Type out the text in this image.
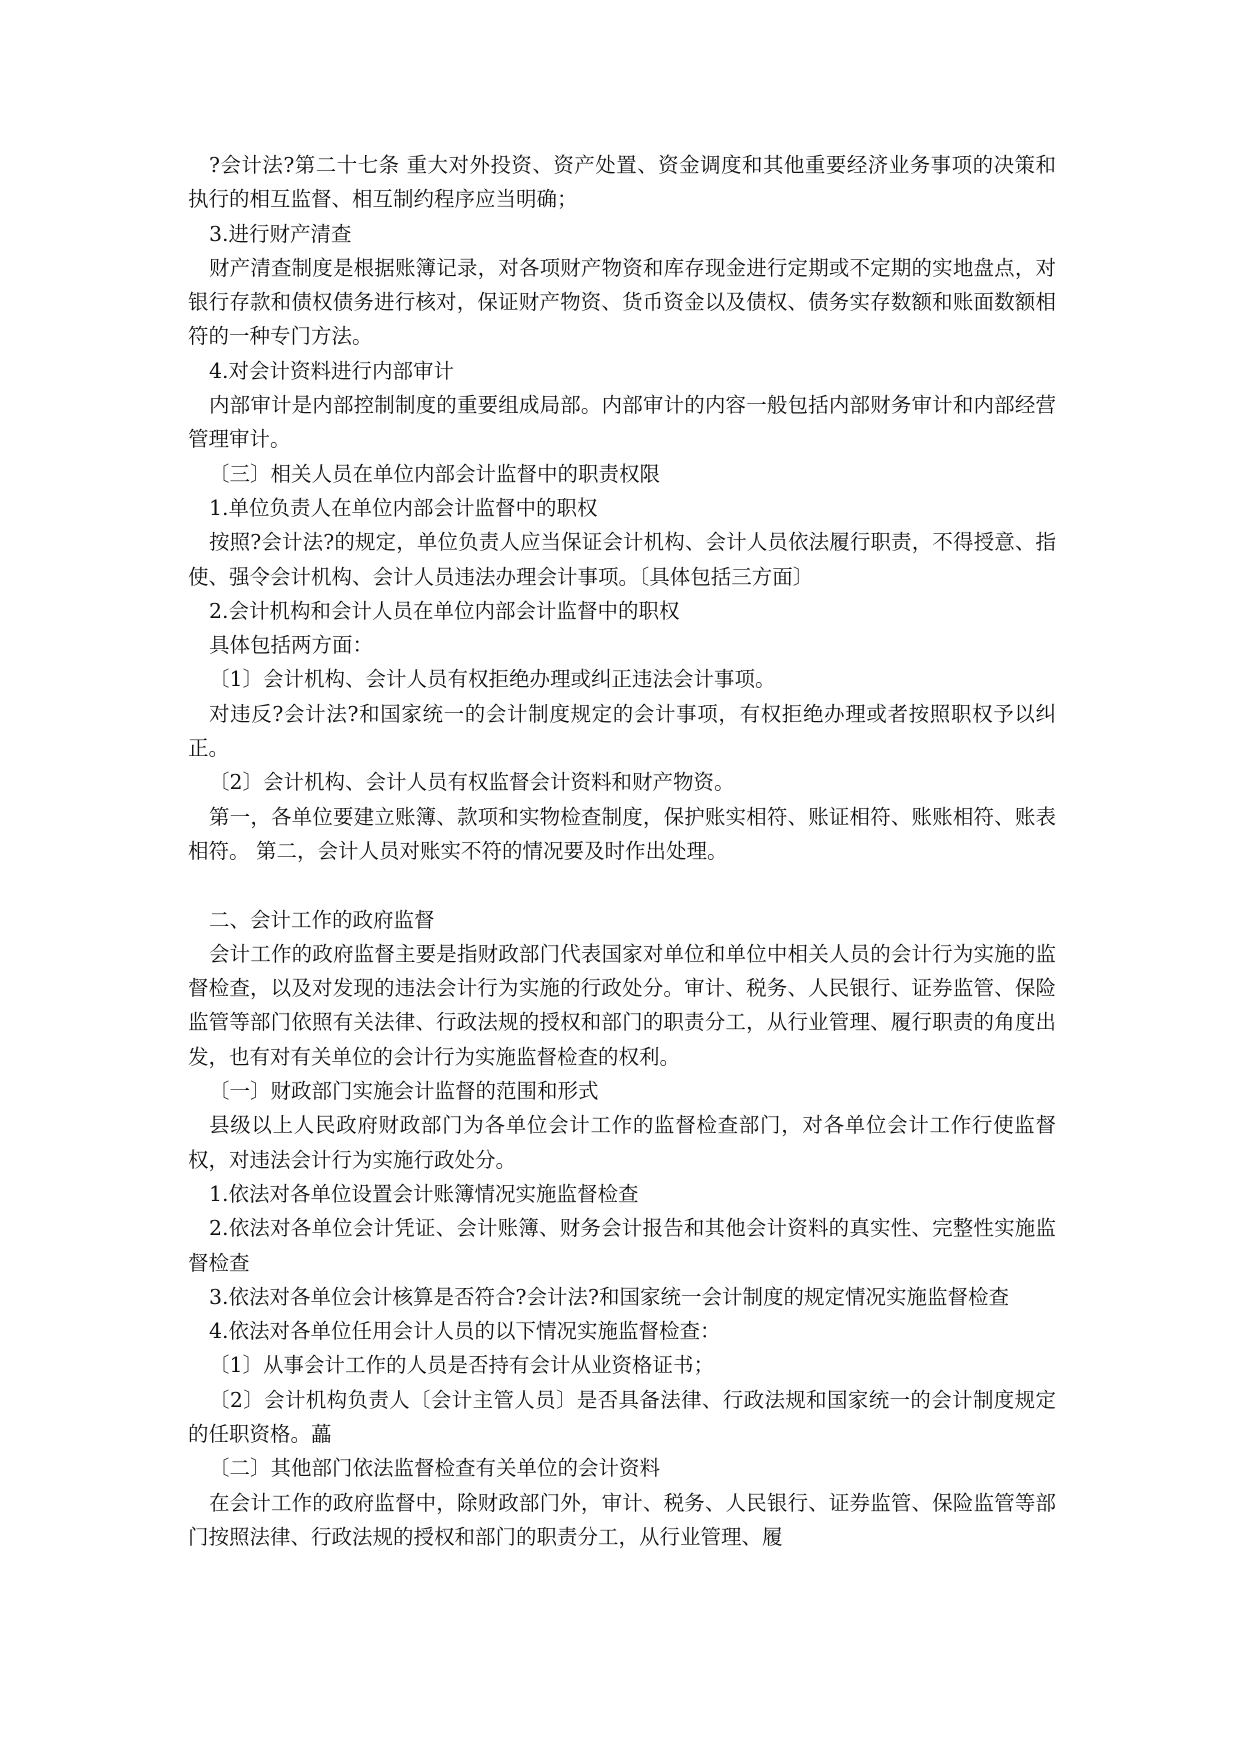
?会计法?第二十七条 重大对外投资、资产处置、资金调度和其他重要经济业务事项的决策和执行的相互监督、相互制约程序应当明确；

3.进行财产清查

财产清查制度是根据账簿记录，对各项财产物资和库存现金进行定期或不定期的实地盘点，对银行存款和债权债务进行核对，保证财产物资、货币资金以及债权、债务实存数额和账面数额相符的一种专门方法。

4.对会计资料进行内部审计

内部审计是内部控制制度的重要组成局部。内部审计的内容一般包括内部财务审计和内部经营管理审计。

〔三〕相关人员在单位内部会计监督中的职责权限

1.单位负责人在单位内部会计监督中的职权

按照?会计法?的规定，单位负责人应当保证会计机构、会计人员依法履行职责，不得授意、指使、强令会计机构、会计人员违法办理会计事项。〔具体包括三方面〕

2.会计机构和会计人员在单位内部会计监督中的职权

具体包括两方面：

〔1〕会计机构、会计人员有权拒绝办理或纠正违法会计事项。

对违反?会计法?和国家统一的会计制度规定的会计事项，有权拒绝办理或者按照职权予以纠正。

〔2〕会计机构、会计人员有权监督会计资料和财产物资。

第一，各单位要建立账簿、款项和实物检查制度，保护账实相符、账证相符、账账相符、账表相符。 第二，会计人员对账实不符的情况要及时作出处理。

二、会计工作的政府监督

会计工作的政府监督主要是指财政部门代表国家对单位和单位中相关人员的会计行为实施的监督检查，以及对发现的违法会计行为实施的行政处分。审计、税务、人民银行、证券监管、保险监管等部门依照有关法律、行政法规的授权和部门的职责分工，从行业管理、履行职责的角度出发，也有对有关单位的会计行为实施监督检查的权利。

〔一〕财政部门实施会计监督的范围和形式

县级以上人民政府财政部门为各单位会计工作的监督检查部门，对各单位会计工作行使监督权，对违法会计行为实施行政处分。

1.依法对各单位设置会计账簿情况实施监督检查

2.依法对各单位会计凭证、会计账簿、财务会计报告和其他会计资料的真实性、完整性实施监督检查

3.依法对各单位会计核算是否符合?会计法?和国家统一会计制度的规定情况实施监督检查

4.依法对各单位任用会计人员的以下情况实施监督检查：

〔1〕从事会计工作的人员是否持有会计从业资格证书；

〔2〕会计机构负责人〔会计主管人员〕是否具备法律、行政法规和国家统一的会计制度规定的任职资格。藟

〔二〕其他部门依法监督检查有关单位的会计资料

在会计工作的政府监督中，除财政部门外，审计、税务、人民银行、证券监管、保险监管等部门按照法律、行政法规的授权和部门的职责分工，从行业管理、履
